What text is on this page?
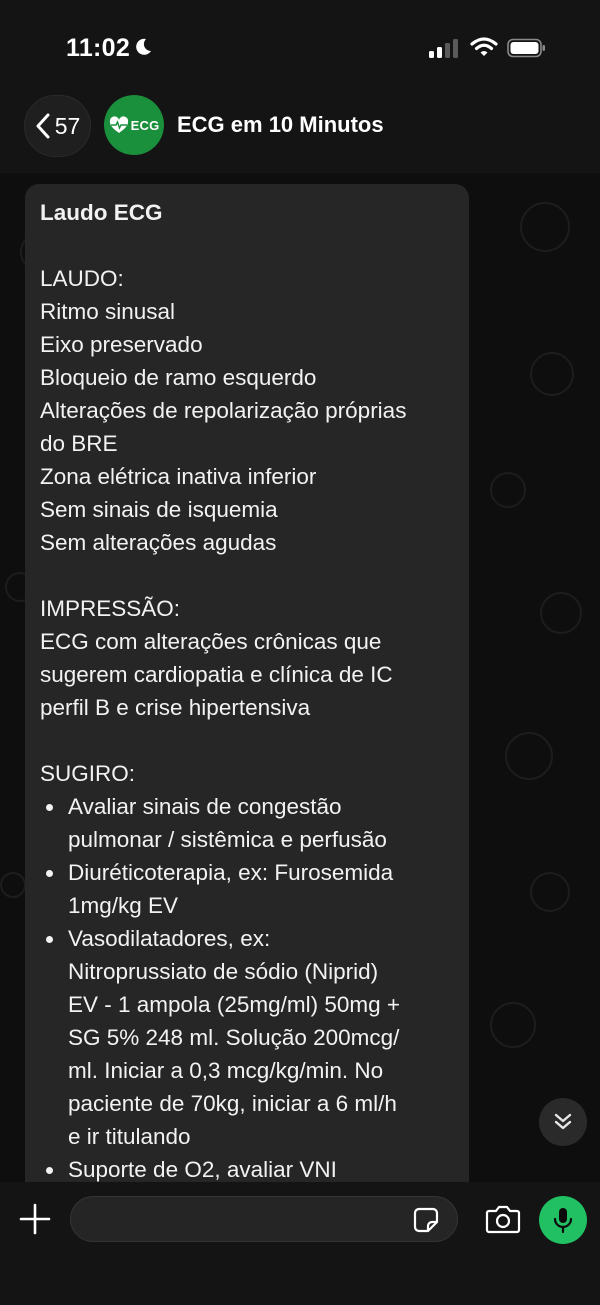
11:02
57	ECG ECG em 10 Minutos
Laudo ECG
LAUDO:
Ritmo sinusal
Eixo preservado
Bloqueio de ramo esquerdo
Alterações de repolarização próprias
do BRE
Zona elétrica inativa inferior
Sem sinais de isquemia
Sem alterações agudas
IMPRESSÃO:
ECG com alterações crônicas que
sugerem cardiopatia e clínica de IC
perfil B e crise hipertensiva
SUGIRO:
Avaliar sinais de congestão
pulmonar / sistêmica e perfusão
Diuréticoterapia, ex: Furosemida
1mg/kg EV
Vasodilatadores, ex:
Nitroprussiato de sódio (Niprid)
EV - 1 ampola (25mg/ml) 50mg +
SG 5% 248 ml. Solução 200mcg/
ml. Iniciar a 0,3 mcg/kg/min. No
paciente de 70kg, iniciar a 6 ml/h
e ir titulando
Suporte de O2, avaliar VNI
